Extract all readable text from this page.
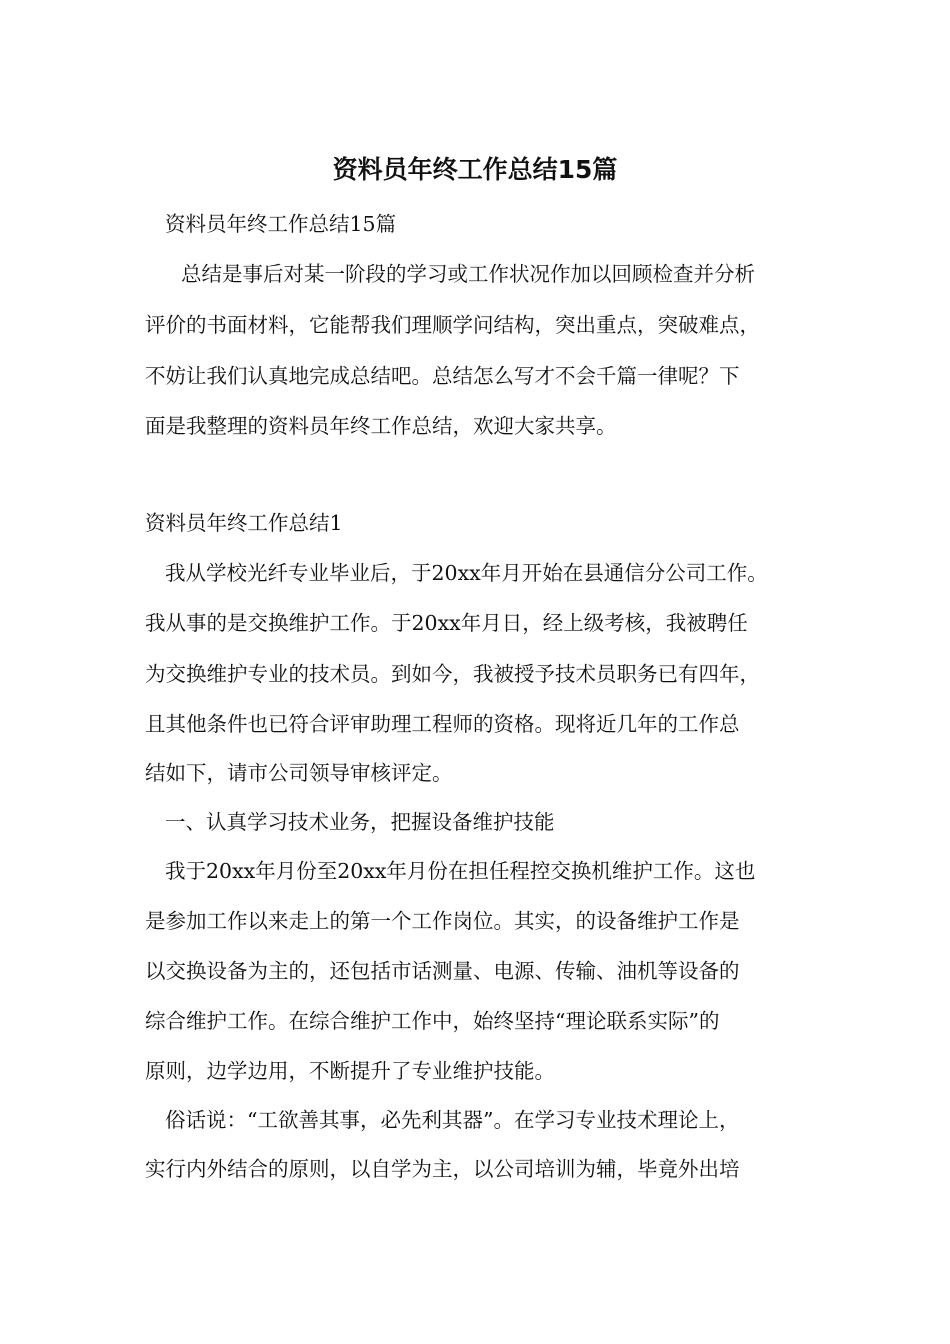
资料员年终工作总结15篇

资料员年终工作总结15篇

总结是事后对某一阶段的学习或工作状况作加以回顾检查并分析

评价的书面材料，它能帮我们理顺学问结构，突出重点，突破难点，

不妨让我们认真地完成总结吧。总结怎么写才不会千篇一律呢？下

面是我整理的资料员年终工作总结，欢迎大家共享。

资料员年终工作总结1

我从学校光纤专业毕业后，于20xx年月开始在县通信分公司工作。

我从事的是交换维护工作。于20xx年月日，经上级考核，我被聘任

为交换维护专业的技术员。到如今，我被授予技术员职务已有四年，

且其他条件也已符合评审助理工程师的资格。现将近几年的工作总

结如下，请市公司领导审核评定。

一、认真学习技术业务，把握设备维护技能

我于20xx年月份至20xx年月份在担任程控交换机维护工作。这也

是参加工作以来走上的第一个工作岗位。其实，的设备维护工作是

以交换设备为主的，还包括市话测量、电源、传输、油机等设备的

综合维护工作。在综合维护工作中，始终坚持“理论联系实际”的

原则，边学边用，不断提升了专业维护技能。

俗话说：“工欲善其事，必先利其器”。在学习专业技术理论上，

实行内外结合的原则，以自学为主，以公司培训为辅，毕竟外出培
